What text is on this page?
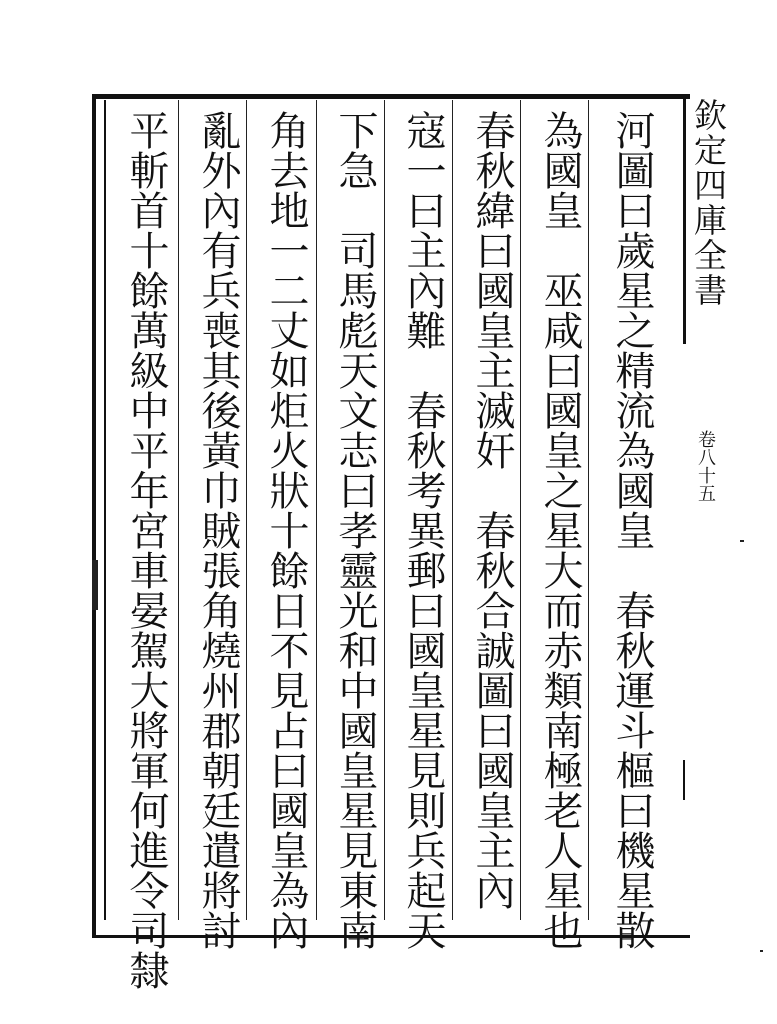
欽定四庫全書
卷八十五
河圖曰歲星之精流為國皇　春秋運斗樞曰機星散
為國皇　巫咸曰國皇之星大而赤類南極老人星也
春秋緯曰國皇主滅奸　春秋合誠圖曰國皇主內
寇一曰主內難　春秋考異郵曰國皇星見則兵起天
下急　司馬彪天文志曰孝靈光和中國皇星見東南
角去地一二丈如炬火狀十餘日不見占曰國皇為內
亂外內有兵喪其後黃巾賊張角燒州郡朝廷遣將討
平斬首十餘萬級中平年宮車晏駕大將軍何進令司隸
